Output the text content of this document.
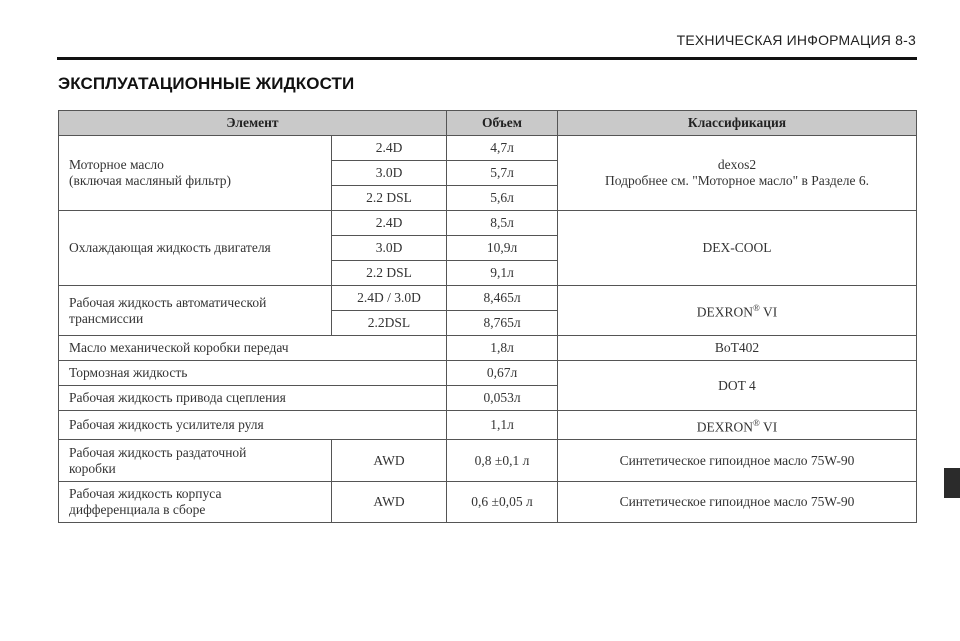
ТЕХНИЧЕСКАЯ ИНФОРМАЦИЯ 8-3
ЭКСПЛУАТАЦИОННЫЕ ЖИДКОСТИ
Элемент		Объем	Классификация
Моторное масло
(включая масляный фильтр)	2.4D	4,7л	dexos2
Подробнее см. "Моторное масло" в Разделе 6.
	3.0D	5,7л	
	2.2 DSL	5,6л	
Охлаждающая жидкость двигателя	2.4D	8,5л	DEX-COOL
	3.0D	10,9л	
	2.2 DSL	9,1л	
Рабочая жидкость автоматической
трансмиссии	2.4D / 3.0D	8,465л	DEXRON® VI
	2.2DSL	8,765л	
Масло механической коробки передач		1,8л	BoT402
Тормозная жидкость		0,67л	DOT 4
Рабочая жидкость привода сцепления		0,053л	
Рабочая жидкость усилителя руля		1,1л	DEXRON® VI
Рабочая жидкость раздаточной
коробки	AWD	0,8 ±0,1 л	Синтетическое гипоидное масло 75W-90
Рабочая жидкость корпуса
дифференциала в сборе	AWD	0,6 ±0,05 л	Синтетическое гипоидное масло 75W-90
